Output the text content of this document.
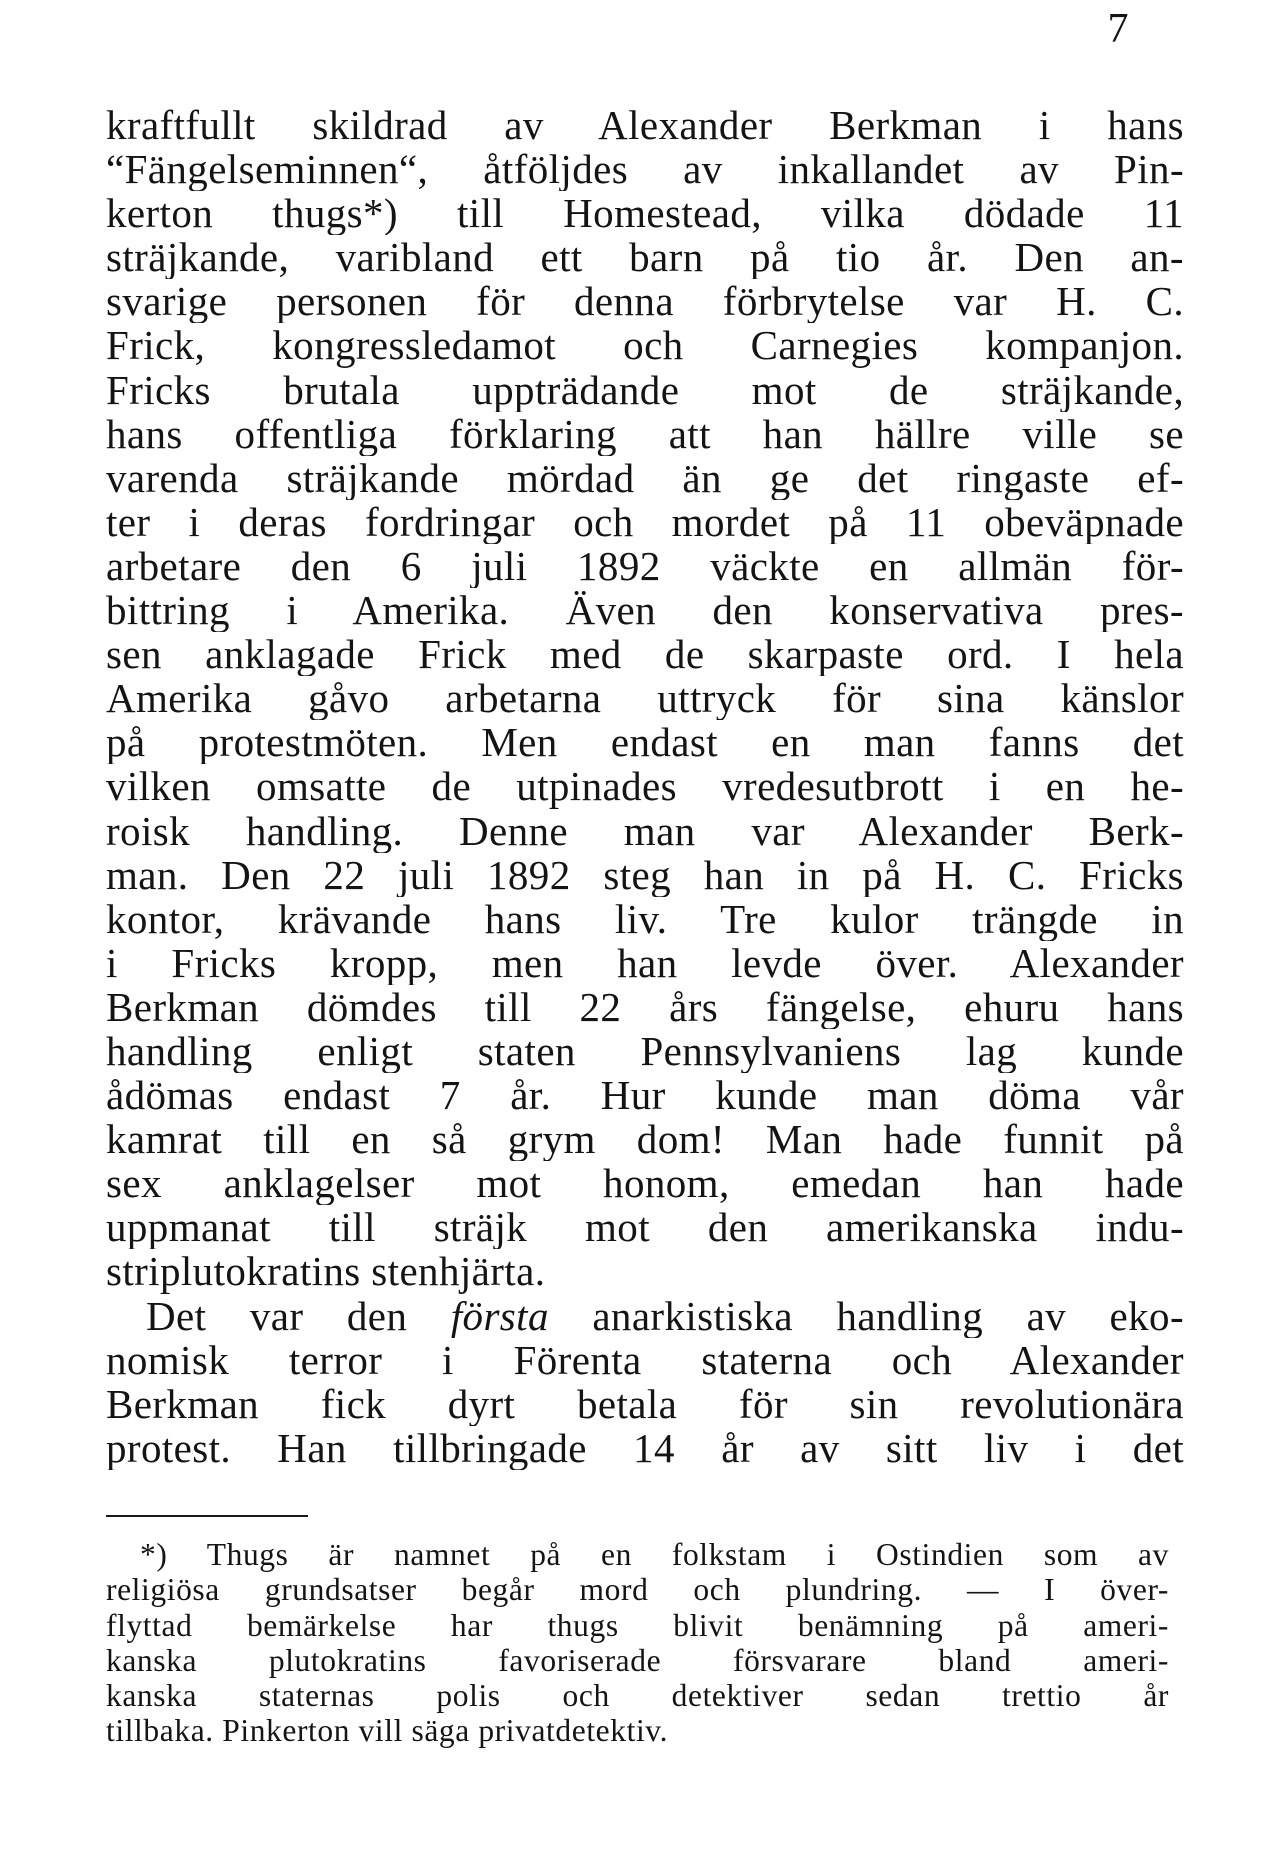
7
kraftfullt skildrad av Alexander Berkman i hans
“Fängelseminnen“, åtföljdes av inkallandet av Pin-
kerton thugs*) till Homestead, vilka dödade 11
sträjkande, varibland ett barn på tio år. Den an-
svarige personen för denna förbrytelse var H. C.
Frick, kongressledamot och Carnegies kompanjon.
Fricks brutala uppträdande mot de sträjkande,
hans offentliga förklaring att han hällre ville se
varenda sträjkande mördad än ge det ringaste ef-
ter i deras fordringar och mordet på 11 obeväpnade
arbetare den 6 juli 1892 väckte en allmän för-
bittring i Amerika. Även den konservativa pres-
sen anklagade Frick med de skarpaste ord. I hela
Amerika gåvo arbetarna uttryck för sina känslor
på protestmöten. Men endast en man fanns det
vilken omsatte de utpinades vredesutbrott i en he-
roisk handling. Denne man var Alexander Berk-
man. Den 22 juli 1892 steg han in på H. C. Fricks
kontor, krävande hans liv. Tre kulor trängde in
i Fricks kropp, men han levde över. Alexander
Berkman dömdes till 22 års fängelse, ehuru hans
handling enligt staten Pennsylvaniens lag kunde
ådömas endast 7 år. Hur kunde man döma vår
kamrat till en så grym dom! Man hade funnit på
sex anklagelser mot honom, emedan han hade
uppmanat till sträjk mot den amerikanska indu-
striplutokratins stenhjärta.
Det var den första anarkistiska handling av eko-
nomisk terror i Förenta staterna och Alexander
Berkman fick dyrt betala för sin revolutionära
protest. Han tillbringade 14 år av sitt liv i det
*) Thugs är namnet på en folkstam i Ostindien som av
religiösa grundsatser begår mord och plundring. — I över-
flyttad bemärkelse har thugs blivit benämning på ameri-
kanska plutokratins favoriserade försvarare bland ameri-
kanska staternas polis och detektiver sedan trettio år
tillbaka. Pinkerton vill säga privatdetektiv.
